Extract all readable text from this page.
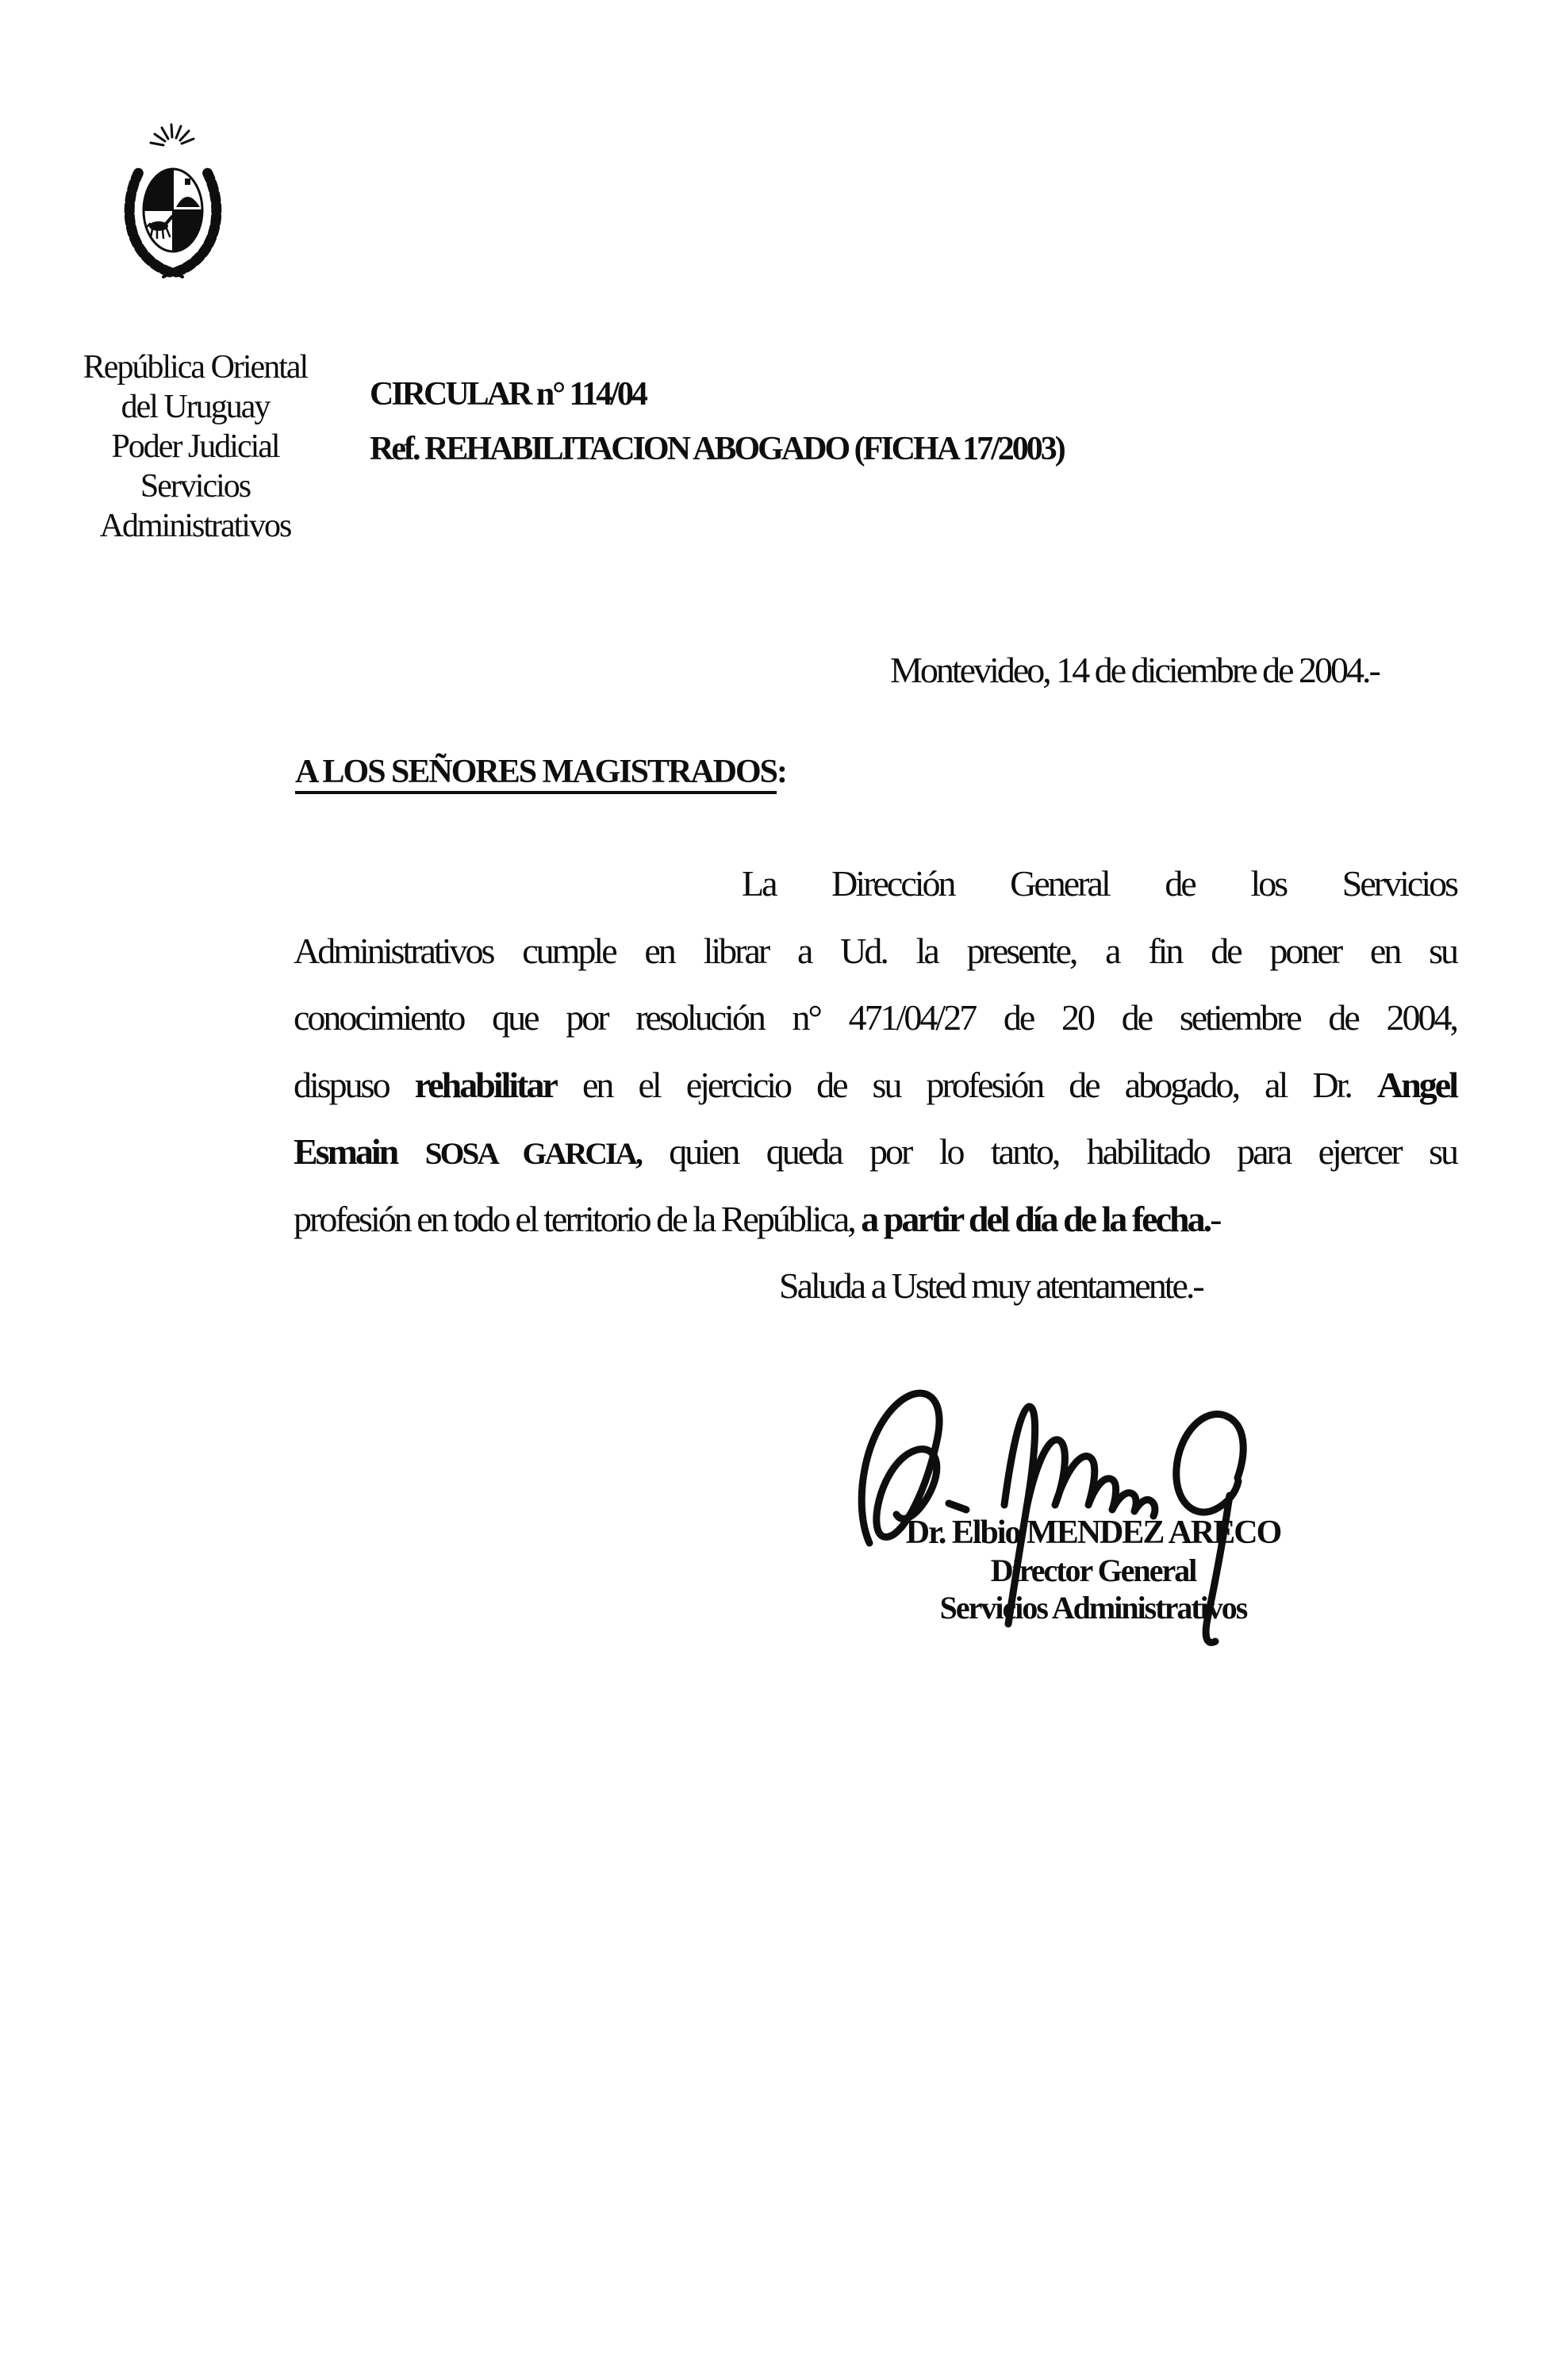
República Oriental
del Uruguay
Poder Judicial
Servicios
Administrativos
CIRCULAR n° 114/04
Ref. REHABILITACION ABOGADO (FICHA 17/2003)
Montevideo, 14 de diciembre de 2004.-
A LOS SEÑORES MAGISTRADOS:
La Dirección General de los Servicios
Administrativos cumple en librar a Ud. la presente, a fin de poner en su
conocimiento que por resolución n° 471/04/27 de 20 de setiembre de 2004,
dispuso rehabilitar en el ejercicio de su profesión de abogado, al Dr. Angel
Esmain SOSA GARCIA, quien queda por lo tanto, habilitado para ejercer su
profesión en todo el territorio de la República, a partir del día de la fecha.-
Saluda a Usted muy atentamente.-
Dr. Elbio MENDEZ ARECO
Director General
Servicios Administrativos
